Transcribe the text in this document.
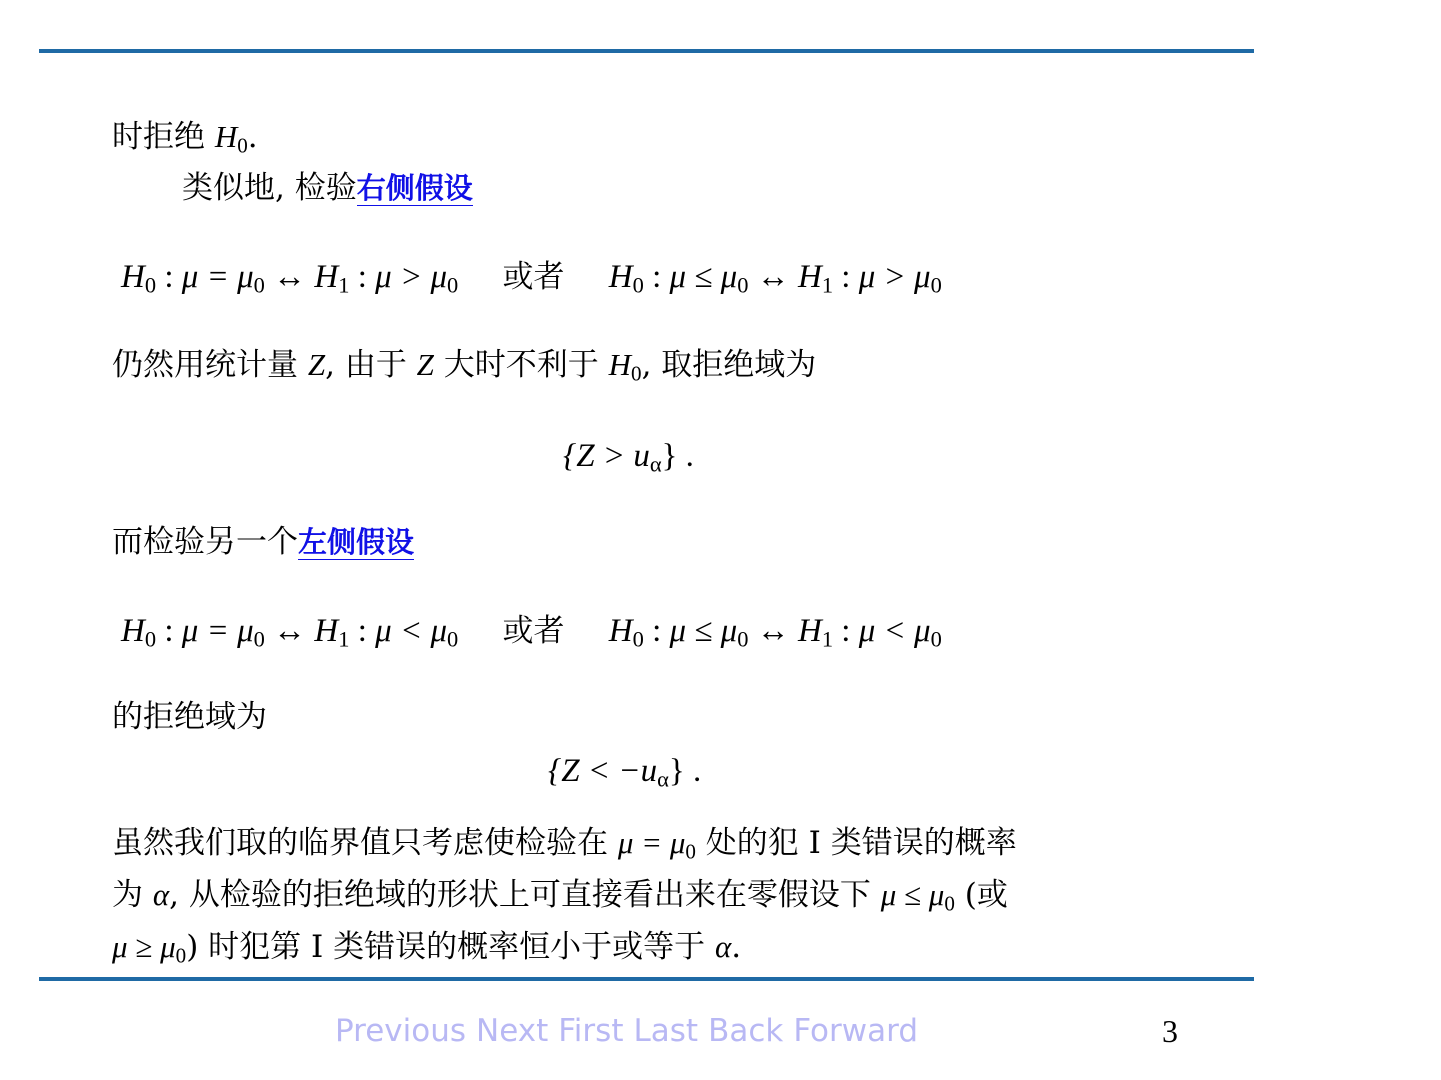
时拒绝 $H_0$.
类似地, 检验右侧假设
$H_0$ : $\mu = \mu_0$ ↔ $H_1$ : $\mu > \mu_0$ 或者 $H_0$ : $\mu \le \mu_0$ ↔ $H_1$ : $\mu > \mu_0$
仍然用统计量 Z, 由于 Z 大时不利于 $H_0$, 取拒绝域为
$\{Z > u_\alpha\}$ .
而检验另一个左侧假设
$H_0$ : $\mu = \mu_0$ ↔ $H_1$ : $\mu < \mu_0$ 或者 $H_0$ : $\mu \le \mu_0$ ↔ $H_1$ : $\mu < \mu_0$
的拒绝域为
$\{Z < -u_\alpha\}$ .
虽然我们取的临界值只考虑使检验在 $\mu = \mu_0$ 处的犯 I 类错误的概率
为 α, 从检验的拒绝域的形状上可直接看出来在零假设下 $\mu \le \mu_0$ (或
$\mu \ge \mu_0$) 时犯第 I 类错误的概率恒小于或等于 α.
Previous Next First Last Back Forward	3
